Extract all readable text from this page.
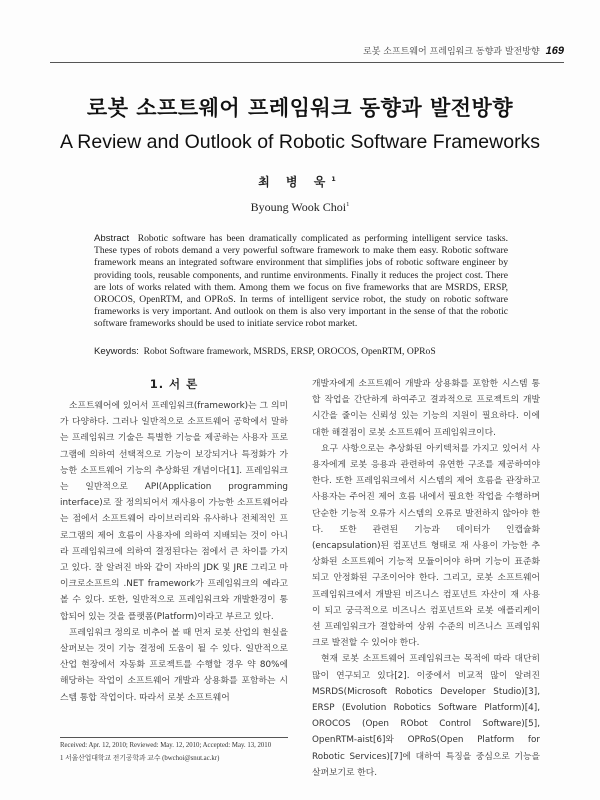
로봇 소프트웨어 프레임워크 동향과 발전방향 169
로봇 소프트웨어 프레임워크 동향과 발전방향
A Review and Outlook of Robotic Software Frameworks
최 병 욱$^1$
Byoung Wook Choi$^1$
Abstract Robotic software has been dramatically complicated as performing intelligent service tasks. These types of robots demand a very powerful software framework to make them easy. Robotic software framework means an integrated software environment that simplifies jobs of robotic software engineer by providing tools, reusable components, and runtime environments. Finally it reduces the project cost. There are lots of works related with them. Among them we focus on five frameworks that are MSRDS, ERSP, OROCOS, OpenRTM, and OPRoS. In terms of intelligent service robot, the study on robotic software frameworks is very important. And outlook on them is also very important in the sense of that the robotic software frameworks should be used to initiate service robot market.
Keywords: Robot Software framework, MSRDS, ERSP, OROCOS, OpenRTM, OPRoS
1. 서 론

소프트웨어에 있어서 프레임워크(framework)는 그 의미가 다양하다. 그러나 일반적으로 소프트웨어 공학에서 말하는 프레임워크 기술은 특별한 기능을 제공하는 사용자 프로그램에 의하여 선택적으로 기능이 보강되거나 특정화가 가능한 소프트웨어 기능의 추상화된 개념이다[1]. 프레임워크는 일반적으로 API(Application programming interface)로 잘 정의되어서 재사용이 가능한 소프트웨어라는 점에서 소프트웨어 라이브러리와 유사하나 전체적인 프로그램의 제어 흐름이 사용자에 의하여 지배되는 것이 아니라 프레임워크에 의하여 결정된다는 점에서 큰 차이를 가지고 있다. 잘 알려진 바와 같이 자바의 JDK 및 JRE 그리고 마이크로소프트의 .NET framework가 프레임워크의 예라고 볼 수 있다. 또한, 일반적으로 프레임워크와 개발환경이 통합되어 있는 것을 플랫폼(Platform)이라고 부르고 있다.

프레임워크 정의로 비추어 볼 때 먼저 로봇 산업의 현실을 살펴보는 것이 기능 결정에 도움이 될 수 있다. 일반적으로 산업 현장에서 자동화 프로젝트를 수행할 경우 약 80%에 해당하는 작업이 소프트웨어 개발과 상용화를 포함하는 시스템 통합 작업이다. 따라서 로봇 소프트웨어

개발자에게 소프트웨어 개발과 상용화를 포함한 시스템 통합 작업을 간단하게 하여주고 결과적으로 프로젝트의 개발 시간을 줄이는 신뢰성 있는 기능의 지원이 필요하다. 이에 대한 해결점이 로봇 소프트웨어 프레임워크이다.

요구 사항으로는 추상화된 아키텍처를 가지고 있어서 사용자에게 로봇 응용과 관련하여 유연한 구조를 제공하여야 한다. 또한 프레임워크에서 시스템의 제어 흐름을 관장하고 사용자는 주어진 제어 흐름 내에서 필요한 작업을 수행하며 단순한 기능적 오류가 시스템의 오류로 발전하지 않아야 한다. 또한 관련된 기능과 데이터가 인캡슐화(encapsulation)된 컴포넌트 형태로 재 사용이 가능한 추상화된 소프트웨어 기능적 모듈이어야 하며 기능이 표준화되고 안정화된 구조이어야 한다. 그리고, 로봇 소프트웨어 프레임워크에서 개발된 비즈니스 컴포넌트 자산이 재 사용이 되고 궁극적으로 비즈니스 컴포넌트와 로봇 애플리케이션 프레임워크가 결합하여 상위 수준의 비즈니스 프레임워크로 발전할 수 있어야 한다.

현재 로봇 소프트웨어 프레임워크는 목적에 따라 대단히 많이 연구되고 있다[2]. 이중에서 비교적 많이 알려진 MSRDS(Microsoft Robotics Developer Studio)[3], ERSP (Evolution Robotics Software Platform)[4], OROCOS (Open RObot Control Software)[5], OpenRTM-aist[6]와 OPRoS(Open Platform for Robotic Services)[7]에 대하여 특징을 중심으로 기능을 살펴보기로 한다.

Received: Apr. 12, 2010; Reviewed: May. 12, 2010; Accepted: May. 13, 2010
1 서울산업대학교 전기공학과 교수 (bwchoi@snut.ac.kr)
